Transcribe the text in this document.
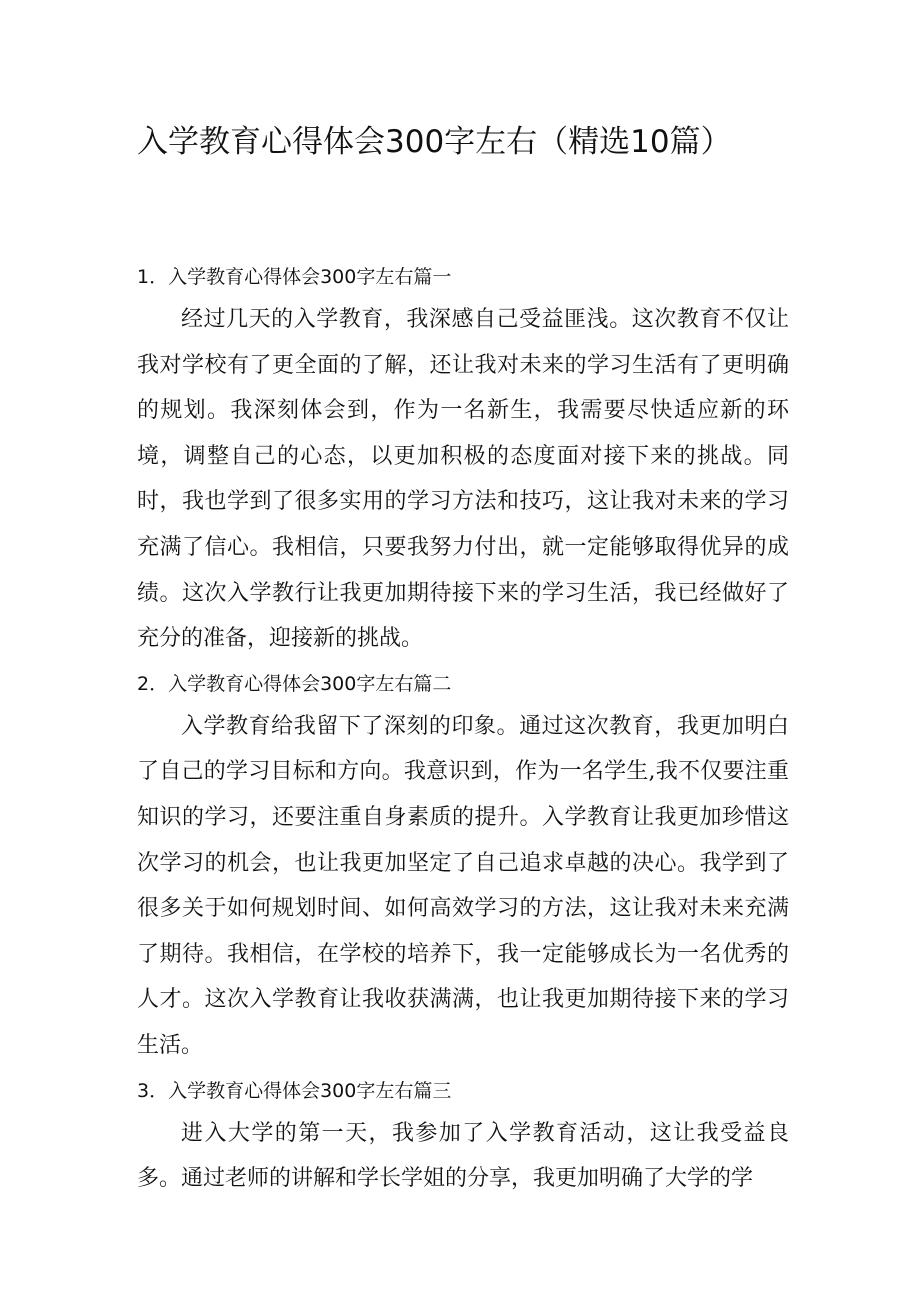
入学教育心得体会300字左右（精选10篇）
1．入学教育心得体会300字左右篇一

经过几天的入学教育，我深感自己受益匪浅。这次教育不仅让我对学校有了更全面的了解，还让我对未来的学习生活有了更明确的规划。我深刻体会到，作为一名新生，我需要尽快适应新的环境，调整自己的心态，以更加积极的态度面对接下来的挑战。同时，我也学到了很多实用的学习方法和技巧，这让我对未来的学习充满了信心。我相信，只要我努力付出，就一定能够取得优异的成绩。这次入学教行让我更加期待接下来的学习生活，我已经做好了充分的准备，迎接新的挑战。

2．入学教育心得体会300字左右篇二

入学教育给我留下了深刻的印象。通过这次教育，我更加明白了自己的学习目标和方向。我意识到，作为一名学生,我不仅要注重知识的学习，还要注重自身素质的提升。入学教育让我更加珍惜这次学习的机会，也让我更加坚定了自己追求卓越的决心。我学到了很多关于如何规划时间、如何高效学习的方法，这让我对未来充满了期待。我相信，在学校的培养下，我一定能够成长为一名优秀的人才。这次入学教育让我收获满满，也让我更加期待接下来的学习生活。

3．入学教育心得体会300字左右篇三

进入大学的第一天，我参加了入学教育活动，这让我受益良多。通过老师的讲解和学长学姐的分享，我更加明确了大学的学
